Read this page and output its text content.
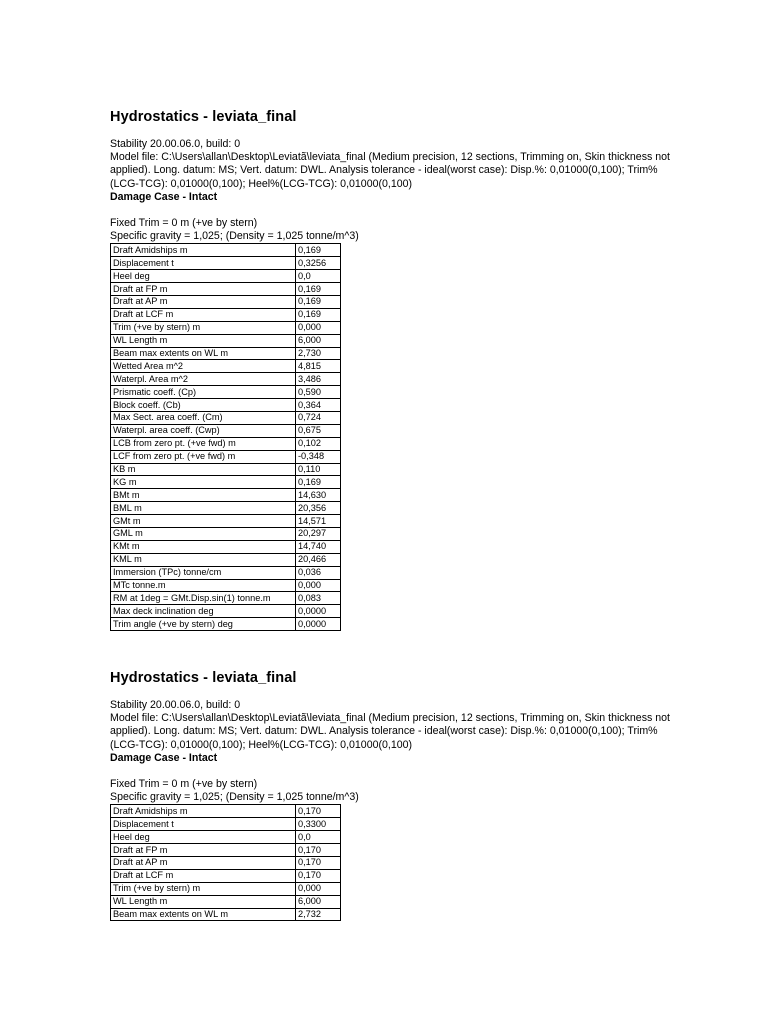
Hydrostatics - leviata_final

Stability 20.00.06.0, build: 0

Model file: C:\Users\allan\Desktop\Leviatã\leviata_final (Medium precision, 12 sections, Trimming on, Skin thickness not applied). Long. datum: MS; Vert. datum: DWL. Analysis tolerance - ideal(worst case): Disp.%: 0,01000(0,100); Trim%(LCG-TCG): 0,01000(0,100); Heel%(LCG-TCG): 0,01000(0,100)

Damage Case - Intact

Fixed Trim = 0 m (+ve by stern)

Specific gravity = 1,025; (Density = 1,025 tonne/m^3)

Draft Amidships m	0,169
Displacement t	0,3256
Heel deg	0,0
Draft at FP m	0,169
Draft at AP m	0,169
Draft at LCF m	0,169
Trim (+ve by stern) m	0,000
WL Length m	6,000
Beam max extents on WL m	2,730
Wetted Area m^2	4,815
Waterpl. Area m^2	3,486
Prismatic coeff. (Cp)	0,590
Block coeff. (Cb)	0,364
Max Sect. area coeff. (Cm)	0,724
Waterpl. area coeff. (Cwp)	0,675
LCB from zero pt. (+ve fwd) m	0,102
LCF from zero pt. (+ve fwd) m	-0,348
KB m	0,110
KG m	0,169
BMt m	14,630
BML m	20,356
GMt m	14,571
GML m	20,297
KMt m	14,740
KML m	20,466
Immersion (TPc) tonne/cm	0,036
MTc tonne.m	0,000
RM at 1deg = GMt.Disp.sin(1) tonne.m	0,083
Max deck inclination deg	0,0000
Trim angle (+ve by stern) deg	0,0000
Hydrostatics - leviata_final

Stability 20.00.06.0, build: 0

Model file: C:\Users\allan\Desktop\Leviatã\leviata_final (Medium precision, 12 sections, Trimming on, Skin thickness not applied). Long. datum: MS; Vert. datum: DWL. Analysis tolerance - ideal(worst case): Disp.%: 0,01000(0,100); Trim%(LCG-TCG): 0,01000(0,100); Heel%(LCG-TCG): 0,01000(0,100)

Damage Case - Intact

Fixed Trim = 0 m (+ve by stern)

Specific gravity = 1,025; (Density = 1,025 tonne/m^3)

Draft Amidships m	0,170
Displacement t	0,3300
Heel deg	0,0
Draft at FP m	0,170
Draft at AP m	0,170
Draft at LCF m	0,170
Trim (+ve by stern) m	0,000
WL Length m	6,000
Beam max extents on WL m	2,732
